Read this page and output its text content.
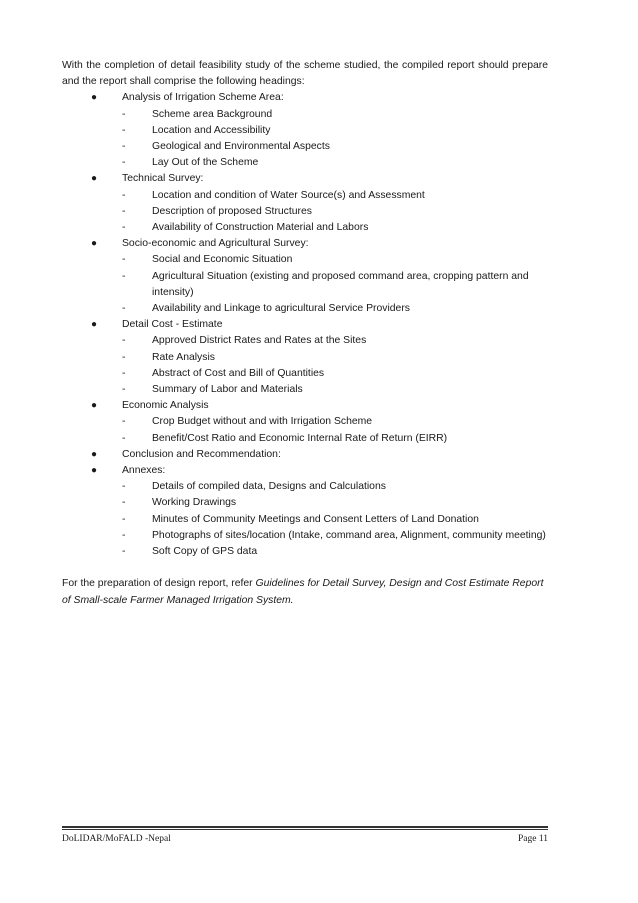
With the completion of detail feasibility study of the scheme studied, the compiled report should prepare and the report shall comprise the following headings:

● Analysis of Irrigation Scheme Area:
-	Scheme area Background
-	Location and Accessibility
-	Geological and Environmental Aspects
-	Lay Out of the Scheme
● Technical Survey:
-	Location and condition of Water Source(s) and Assessment
-	Description of proposed Structures
-	Availability of Construction Material and Labors
● Socio-economic and Agricultural Survey:
-	Social and Economic Situation
-	Agricultural Situation (existing and proposed command area, cropping pattern and intensity)
-	Availability and Linkage to agricultural Service Providers
● Detail Cost - Estimate
-	Approved District Rates and Rates at the Sites
-	Rate Analysis
-	Abstract of Cost and Bill of Quantities
-	Summary of Labor and Materials
● Economic Analysis
-	Crop Budget without and with Irrigation Scheme
-	Benefit/Cost Ratio and Economic Internal Rate of Return (EIRR)
● Conclusion and Recommendation:
● Annexes:
-	Details of compiled data, Designs and Calculations
-	Working Drawings
-	Minutes of Community Meetings and Consent Letters of Land Donation
-	Photographs of sites/location (Intake, command area, Alignment, community meeting)
-	Soft Copy of GPS data

For the preparation of design report, refer Guidelines for Detail Survey, Design and Cost Estimate Report of Small-scale Farmer Managed Irrigation System.

DoLIDAR/MoFALD -Nepal	Page 11
